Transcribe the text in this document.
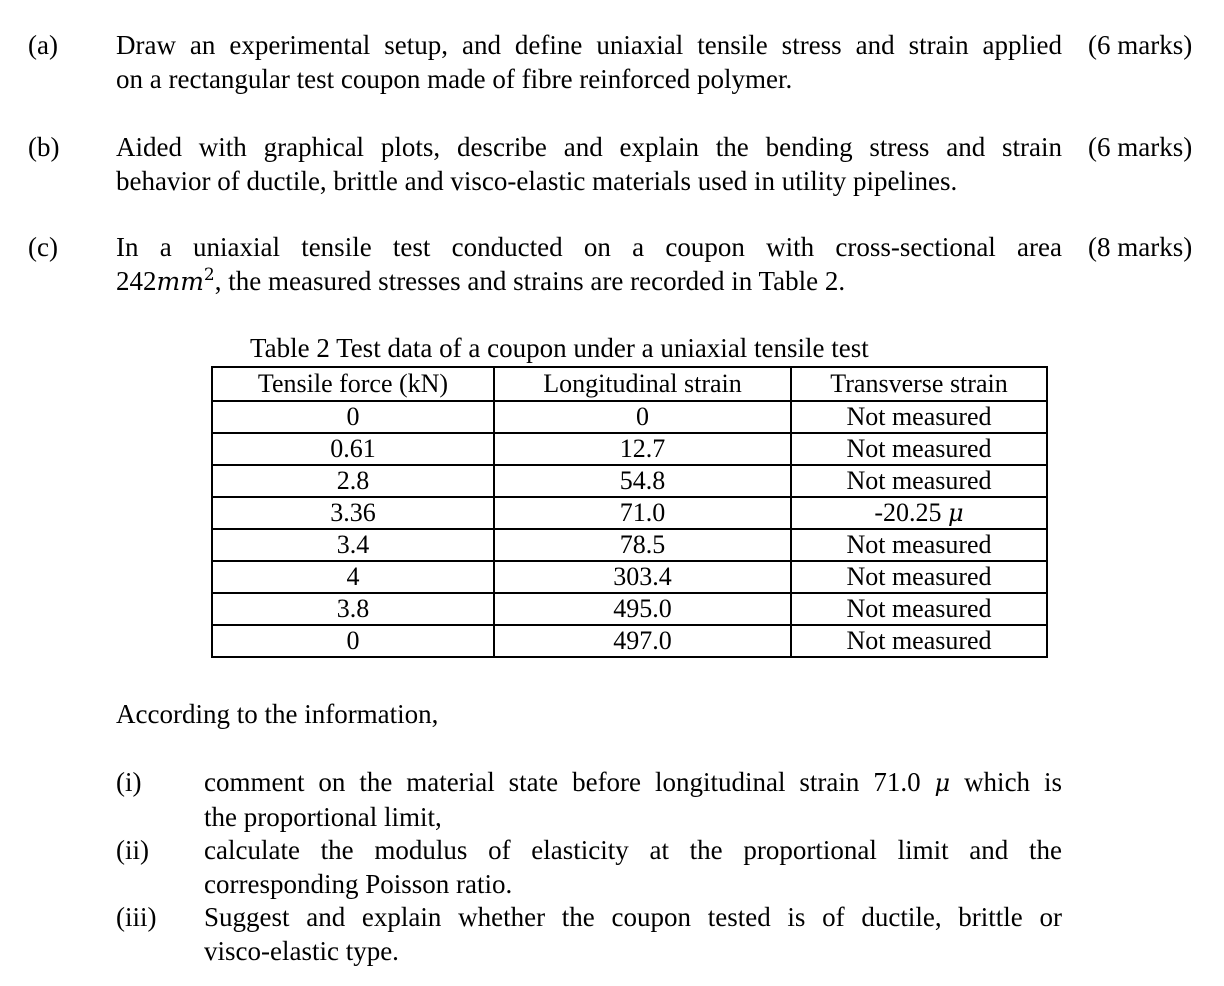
(a) Draw an experimental setup, and define uniaxial tensile stress and strain applied
on a rectangular test coupon made of fibre reinforced polymer.
(6 marks)
(b) Aided with graphical plots, describe and explain the bending stress and strain
behavior of ductile, brittle and visco-elastic materials used in utility pipelines.
(6 marks)
(c) In a uniaxial tensile test conducted on a coupon with cross-sectional area
$242mm^2$, the measured stresses and strains are recorded in Table 2.
(8 marks)
Table 2 Test data of a coupon under a uniaxial tensile test
Tensile force (kN)	Longitudinal strain	Transverse strain
0	0	Not measured
0.61	12.7	Not measured
2.8	54.8	Not measured
3.36	71.0	-20.25 μ
3.4	78.5	Not measured
4	303.4	Not measured
3.8	495.0	Not measured
0	497.0	Not measured
According to the information,
(i) comment on the material state before longitudinal strain 71.0 μ which is
the proportional limit,
(ii) calculate the modulus of elasticity at the proportional limit and the
corresponding Poisson ratio.
(iii) Suggest and explain whether the coupon tested is of ductile, brittle or
visco-elastic type.
